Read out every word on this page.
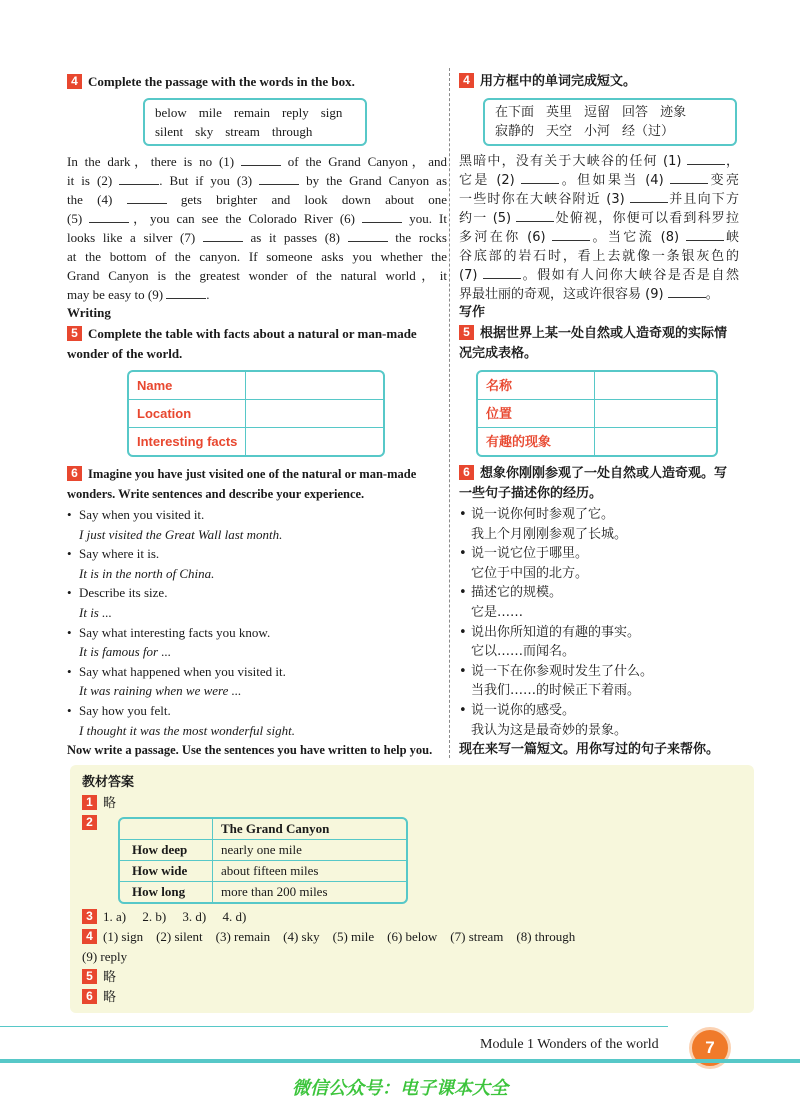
4 Complete the passage with the words in the box.
below mile remain reply sign
silent sky stream through
In the dark，there is no (1)	of the Grand Canyon，and
it is (2)	. But if you (3)	by the Grand Canyon as
the (4)	gets brighter and look down about one
(5)	，you can see the Colorado River (6)	you. It
looks like a silver (7)	as it passes (8)	the rocks
at the bottom of the canyon. If someone asks you whether the
Grand Canyon is the greatest wonder of the natural world，it
may be easy to (9)	.
Writing
5 Complete the table with facts about a natural or man-made wonder of the world.
Name
Location
Interesting facts
6 Imagine you have just visited one of the natural or man-made wonders. Write sentences and describe your experience.
• Say when you visited it.
I just visited the Great Wall last month.
• Say where it is.
It is in the north of China.
• Describe its size.
It is ...
• Say what interesting facts you know.
It is famous for ...
• Say what happened when you visited it.
It was raining when we were ...
• Say how you felt.
I thought it was the most wonderful sight.
Now write a passage. Use the sentences you have written to help you.
4 用方框中的单词完成短文。
在下面 英里 逗留 回答 迹象
寂静的 天空 小河 经（过）
黑暗中，没有关于大峡谷的任何 (1)	，
它是 (2)	。但如果当 (4)	变亮
一些时你在大峡谷附近 (3)	并且向下方
约一 (5)	处俯视，你便可以看到科罗拉
多河在你 (6)	。当它流 (8)	峡
谷底部的岩石时，看上去就像一条银灰色的
(7)	。假如有人问你大峡谷是否是自然
界最壮丽的奇观，这或许很容易 (9)	。
写作
5 根据世界上某一处自然或人造奇观的实际情况完成表格。
名称
位置
有趣的现象
6 想象你刚刚参观了一处自然或人造奇观。写一些句子描述你的经历。
• 说一说你何时参观了它。
我上个月刚刚参观了长城。
• 说一说它位于哪里。
它位于中国的北方。
• 描述它的规模。
它是……
• 说出你所知道的有趣的事实。
它以……而闻名。
• 说一下在你参观时发生了什么。
当我们……的时候正下着雨。
• 说一说你的感受。
我认为这是最奇妙的景象。
现在来写一篇短文。用你写过的句子来帮你。
教材答案
1 略
2	The Grand Canyon
How deep	nearly one mile
How wide	about fifteen miles
How long	more than 200 miles
3 1. a)     2. b)     3. d)     4. d)
4 (1) sign    (2) silent    (3) remain    (4) sky    (5) mile    (6) below    (7) stream    (8) through
(9) reply
5 略
6 略
Module 1 Wonders of the world	7
微信公众号：电子课本大全
